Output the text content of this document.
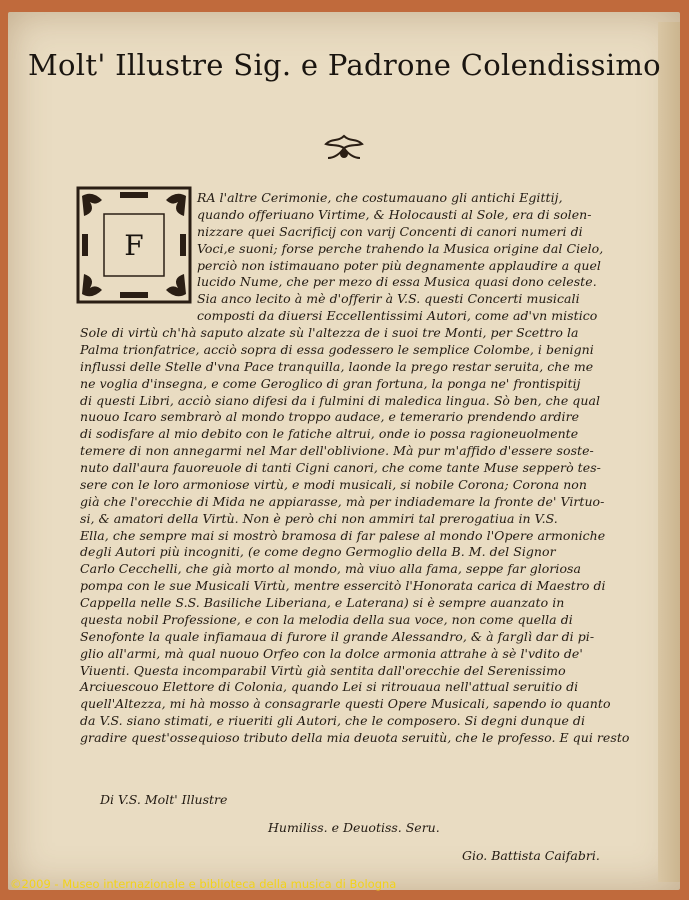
Molt' Illustre Sig. e Padrone Colendissimo
F
RA l'altre Cerimonie, che costumauano gli antichi Egittij,
quando offeriuano Virtime, & Holocausti al Sole, era di solen-
nizzare quei Sacrificij con varij Concenti di canori numeri di
Voci,e suoni; forse perche trahendo la Musica origine dal Cielo,
perciò non istimauano poter più degnamente applaudire a quel
lucido Nume, che per mezo di essa Musica quasi dono celeste.
Sia anco lecito à mè d'offerir à V.S. questi Concerti musicali
composti da diuersi Eccellentissimi Autori, come ad'vn mistico
Sole di virtù ch'hà saputo alzate sù l'altezza de i suoi tre Monti, per Scettro la
Palma trionfatrice, acciò sopra di essa godessero le semplice Colombe, i benigni
influssi delle Stelle d'vna Pace tranquilla, laonde la prego restar seruita, che me
ne voglia d'insegna, e come Geroglico di gran fortuna, la ponga ne' frontispitij
di questi Libri, acciò siano difesi da i fulmini di maledica lingua. Sò ben, che qual
nuouo Icaro sembrarò al mondo troppo audace, e temerario prendendo ardire
di sodisfare al mio debito con le fatiche altrui, onde io possa ragioneuolmente
temere di non annegarmi nel Mar dell'oblivione. Mà pur m'affido d'essere soste-
nuto dall'aura fauoreuole di tanti Cigni canori, che come tante Muse sepperò tes-
sere con le loro armoniose virtù, e modi musicali, si nobile Corona; Corona non
già che l'orecchie di Mida ne appiarasse, mà per indiademare la fronte de' Virtuo-
si, & amatori della Virtù. Non è però chi non ammiri tal prerogatiua in V.S.
Ella, che sempre mai si mostrò bramosa di far palese al mondo l'Opere armoniche
degli Autori più incogniti, (e come degno Germoglio della B. M. del Signor
Carlo Cecchelli, che già morto al mondo, mà viuo alla fama, seppe far gloriosa
pompa con le sue Musicali Virtù, mentre essercitò l'Honorata carica di Maestro di
Cappella nelle S.S. Basiliche Liberiana, e Lateranа) si è sempre auanzato in
questa nobil Professione, e con la melodia della sua voce, non come quella di
Senofonte la quale infiamaua di furore il grande Alessandro, & à farglì dar di pi-
glio all'armi, mà qual nuouo Orfeo con la dolce armonia attrahe à sè l'vdito de'
Viuenti. Questa incomparabil Virtù già sentita dall'orecchie del Serenissimo
Arciuescouo Elettore di Colonia, quando Lei si ritrouaua nell'attual seruitio di
quell'Altezza, mi hà mosso à consagrarle questi Opere Musicali, sapendo io quanto
da V.S. siano stimati, e riueriti gli Autori, che le composero. Si degni dunque di
gradire quest'ossequioso tributo della mia deuota seruitù, che le professo. E qui resto
Di V.S. Molt' Illustre
Humiliss. e Deuotiss. Seru.
Gio. Battista Caifabri.
©2009 - Museo internazionale e biblioteca della musica di Bologna
